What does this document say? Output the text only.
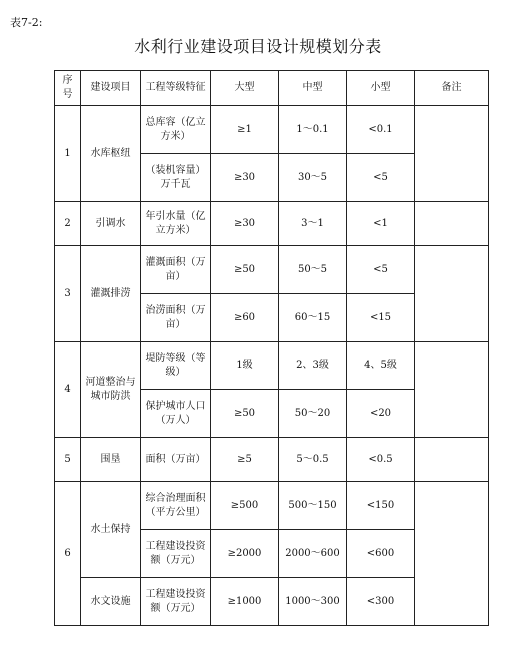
表7-2:
水利行业建设项目设计规模划分表
序号	建设项目	工程等级特征	大型	中型	小型	备注
1	水库枢纽	总库容（亿立方米）	≥1	1～0.1	<0.1	
		（装机容量）万千瓦	≥30	30～5	<5	
2	引调水	年引水量（亿立方米）	≥30	3～1	<1	
3	灌溉排涝	灌溉面积（万亩）	≥50	50～5	<5	
		治涝面积（万亩）	≥60	60～15	<15	
4	河道整治与城市防洪	堤防等级（等级）	1级	2、3级	4、5级	
		保护城市人口（万人）	≥50	50～20	<20	
5	围垦	面积（万亩）	≥5	5～0.5	<0.5	
6	水土保持	综合治理面积（平方公里）	≥500	500～150	<150	
		工程建设投资额（万元）	≥2000	2000～600	<600	
	水文设施	工程建设投资额（万元）	≥1000	1000～300	<300	
